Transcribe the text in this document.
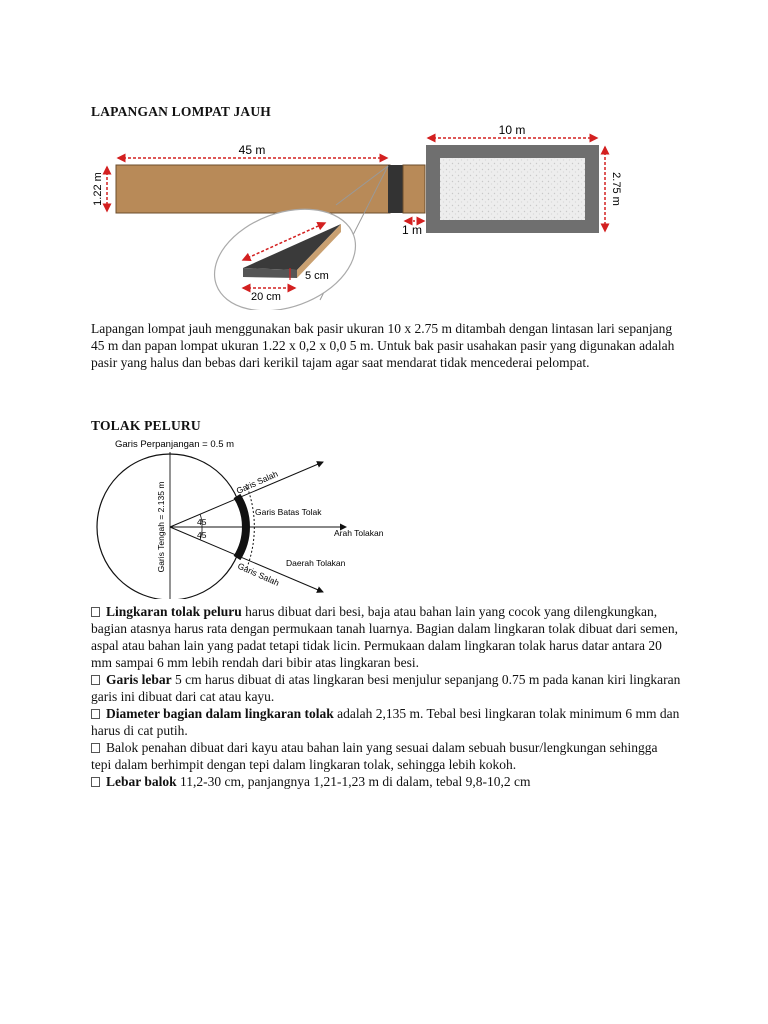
LAPANGAN LOMPAT JAUH
45 m
10 m
1.22 m	2.75 m
1 m
5 cm
20 cm
Lapangan lompat jauh menggunakan bak pasir ukuran 10 x 2.75 m ditambah dengan lintasan lari sepanjang 45 m dan papan lompat ukuran 1.22 x 0,2 x 0,0 5 m. Untuk bak pasir usahakan pasir yang digunakan adalah pasir yang halus dan bebas dari kerikil tajam agar saat mendarat tidak mencederai pelompat.
TOLAK PELURU
Garis Perpanjangan = 0.5 m
Garis Tengah = 2.135 m	45
45
Garis Salah
Garis Salah
Garis Batas Tolak
Arah Tolakan
Daerah Tolakan
Lingkaran tolak peluru harus dibuat dari besi, baja atau bahan lain yang cocok yang dilengkungkan, bagian atasnya harus rata dengan permukaan tanah luarnya. Bagian dalam lingkaran tolak dibuat dari semen, aspal atau bahan lain yang padat tetapi tidak licin. Permukaan dalam lingkaran tolak harus datar antara 20 mm sampai 6 mm lebih rendah dari bibir atas lingkaran besi.
Garis lebar 5 cm harus dibuat di atas lingkaran besi menjulur sepanjang 0.75 m pada kanan kiri lingkaran garis ini dibuat dari cat atau kayu.
Diameter bagian dalam lingkaran tolak adalah 2,135 m. Tebal besi lingkaran tolak minimum 6 mm dan harus di cat putih.
Balok penahan dibuat dari kayu atau bahan lain yang sesuai dalam sebuah busur/lengkungan sehingga tepi dalam berhimpit dengan tepi dalam lingkaran tolak, sehingga lebih kokoh.
Lebar balok 11,2-30 cm, panjangnya 1,21-1,23 m di dalam, tebal 9,8-10,2 cm
